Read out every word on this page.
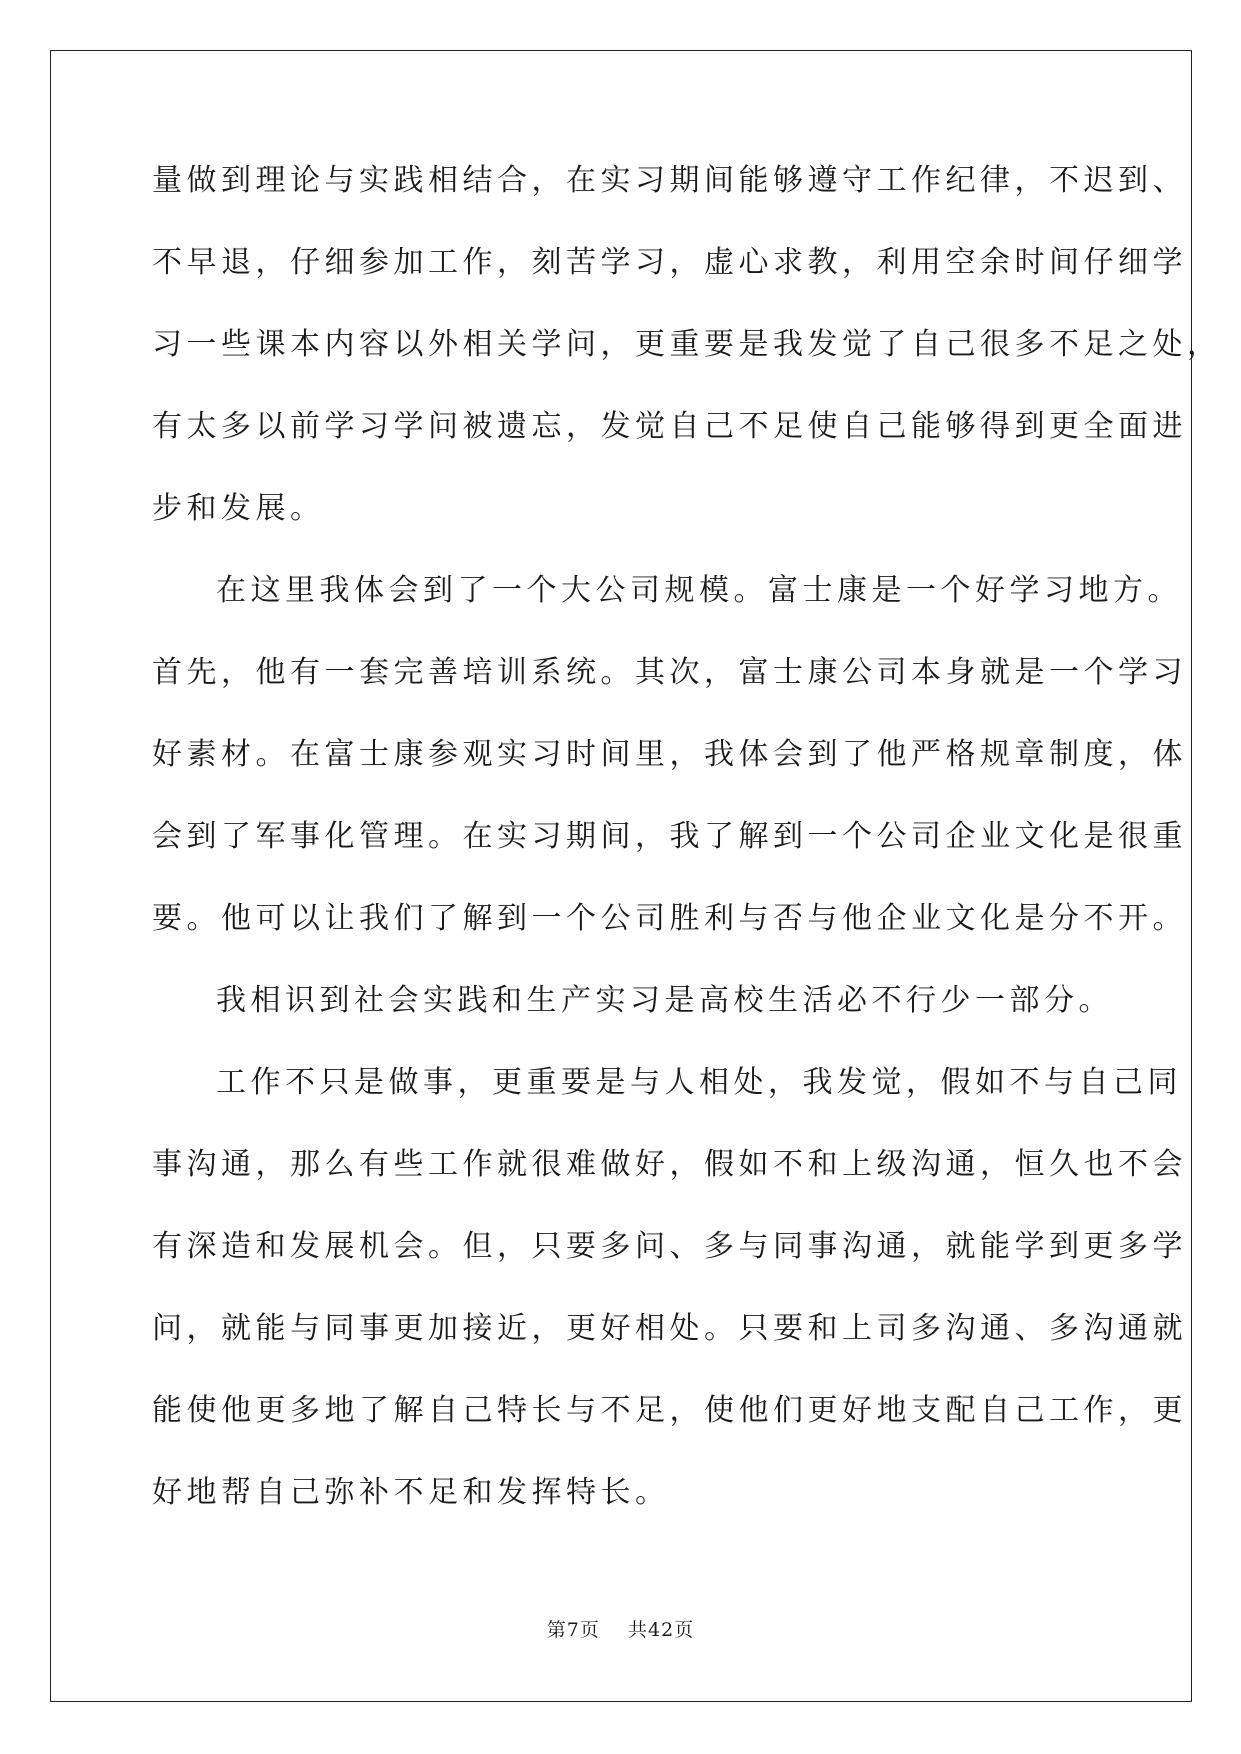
量做到理论与实践相结合，在实习期间能够遵守工作纪律，不迟到、
不早退，仔细参加工作，刻苦学习，虚心求教，利用空余时间仔细学
习一些课本内容以外相关学问，更重要是我发觉了自己很多不足之处，
有太多以前学习学问被遗忘，发觉自己不足使自己能够得到更全面进
步和发展。
在这里我体会到了一个大公司规模。富士康是一个好学习地方。
首先，他有一套完善培训系统。其次，富士康公司本身就是一个学习
好素材。在富士康参观实习时间里，我体会到了他严格规章制度，体
会到了军事化管理。在实习期间，我了解到一个公司企业文化是很重
要。他可以让我们了解到一个公司胜利与否与他企业文化是分不开。
我相识到社会实践和生产实习是高校生活必不行少一部分。
工作不只是做事，更重要是与人相处，我发觉，假如不与自己同
事沟通，那么有些工作就很难做好，假如不和上级沟通，恒久也不会
有深造和发展机会。但，只要多问、多与同事沟通，就能学到更多学
问，就能与同事更加接近，更好相处。只要和上司多沟通、多沟通就
能使他更多地了解自己特长与不足，使他们更好地支配自己工作，更
好地帮自己弥补不足和发挥特长。
第7页 共42页
